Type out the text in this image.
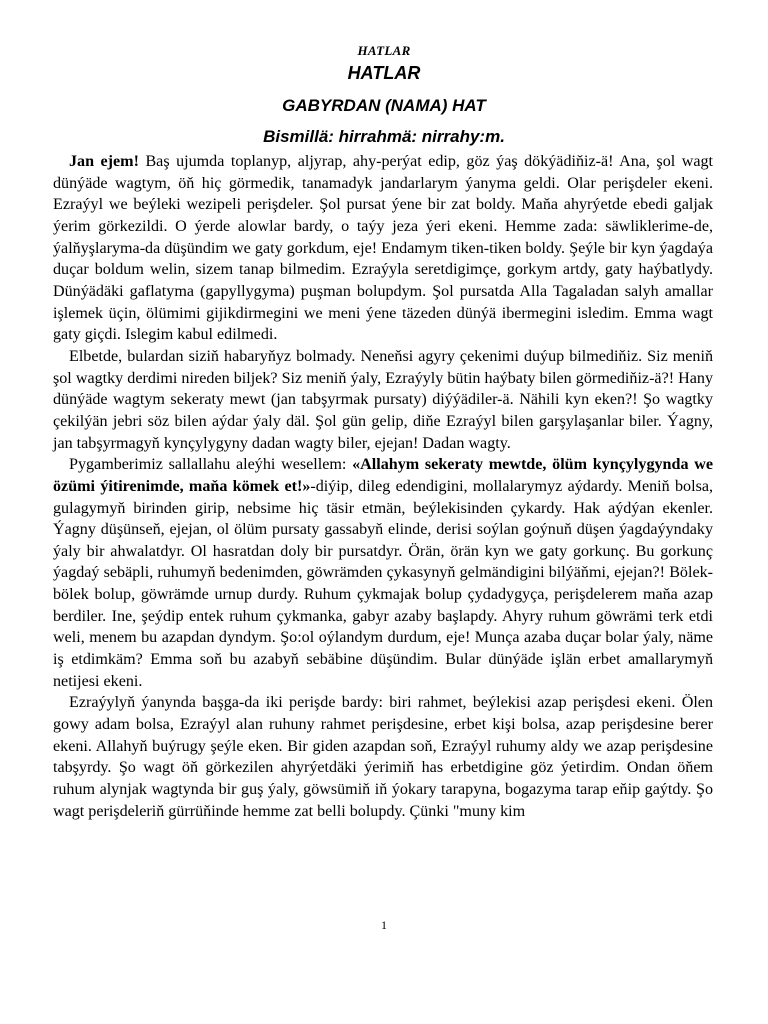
HATLAR
HATLAR
GABYRDAN (NAMA) HAT
Bismillä: hirrahmä: nirrahy:m.

Jan ejem! Baş ujumda toplanyp, aljyrap, ahy-perýat edip, göz ýaş dökýädiňiz-ä! Ana, şol wagt dünýäde wagtym, öň hiç görmedik, tanamadyk jandarlarym ýanyma geldi. Olar perişdeler ekeni. Ezraýyl we beýleki wezipeli perişdeler. Şol pursat ýene bir zat boldy. Maňa ahyrýetde ebedi galjak ýerim görkezildi. O ýerde alowlar bardy, o taýy jeza ýeri ekeni. Hemme zada: säwliklerime-de, ýalňyşlaryma-da düşündim we gaty gorkdum, eje! Endamym tiken-tiken boldy. Şeýle bir kyn ýagdaýa duçar boldum welin, sizem tanap bilmedim. Ezraýyla seretdigimçe, gorkym artdy, gaty haýbatlydy. Dünýädäki gaflatyma (gapyllygyma) puşman bolupdym. Şol pursatda Alla Tagaladan salyh amallar işlemek üçin, ölümimi gijikdirmegini we meni ýene täzeden dünýä ibermegini isledim. Emma wagt gaty giçdi. Islegim kabul edilmedi.

Elbetde, bulardan siziň habaryňyz bolmady. Neneňsi agyry çekenimi duýup bilmediňiz. Siz meniň şol wagtky derdimi nireden biljek? Siz meniň ýaly, Ezraýyly bütin haýbaty bilen görmediňiz-ä?! Hany dünýäde wagtym sekeraty mewt (jan tabşyrmak pursaty) diýýädiler-ä. Nähili kyn eken?! Şo wagtky çekilýän jebri söz bilen aýdar ýaly däl. Şol gün gelip, diňe Ezraýyl bilen garşylaşanlar biler. Ýagny, jan tabşyrmagyň kynçylygyny dadan wagty biler, ejejan! Dadan wagty.

Pygamberimiz sallallahu aleýhi wesellem: «Allahym sekeraty mewtde, ölüm kynçylygynda we özümi ýitirenimde, maňa kömek et!»-diýip, dileg edendigini, mollalarymyz aýdardy. Meniň bolsa, gulagymyň birinden girip, nebsime hiç täsir etmän, beýlekisinden çykardy. Hak aýdýan ekenler. Ýagny düşünseň, ejejan, ol ölüm pursaty gassabyň elinde, derisi soýlan goýnuň düşen ýagdaýyndaky ýaly bir ahwalatdyr. Ol hasratdan doly bir pursatdyr. Örän, örän kyn we gaty gorkunç. Bu gorkunç ýagdaý sebäpli, ruhumyň bedenimden, göwrämden çykasynyň gelmändigini bilýäňmi, ejejan?! Bölek-bölek bolup, göwrämde urnup durdy. Ruhum çykmajak bolup çydadygyça, perişdelerem maňa azap berdiler. Ine, şeýdip entek ruhum çykmanka, gabyr azaby başlapdy. Ahyry ruhum göwrämi terk etdi weli, menem bu azapdan dyndym. Şo:ol oýlandym durdum, eje! Munça azaba duçar bolar ýaly, näme iş etdimkäm? Emma soň bu azabyň sebäbine düşündim. Bular dünýäde işlän erbet amallarymyň netijesi ekeni.

Ezraýylyň ýanynda başga-da iki perişde bardy: biri rahmet, beýlekisi azap perişdesi ekeni. Ölen gowy adam bolsa, Ezraýyl alan ruhuny rahmet perişdesine, erbet kişi bolsa, azap perişdesine berer ekeni. Allahyň buýrugy şeýle eken. Bir giden azapdan soň, Ezraýyl ruhumy aldy we azap perişdesine tabşyrdy. Şo wagt öň görkezilen ahyrýetdäki ýerimiň has erbetdigine göz ýetirdim. Ondan öňem ruhum alynjak wagtynda bir guş ýaly, göwsümiň iň ýokary tarapyna, bogazyma tarap eňip gaýtdy. Şo wagt perişdeleriň gürrüňinde hemme zat belli bolupdy. Çünki "muny kim

1
